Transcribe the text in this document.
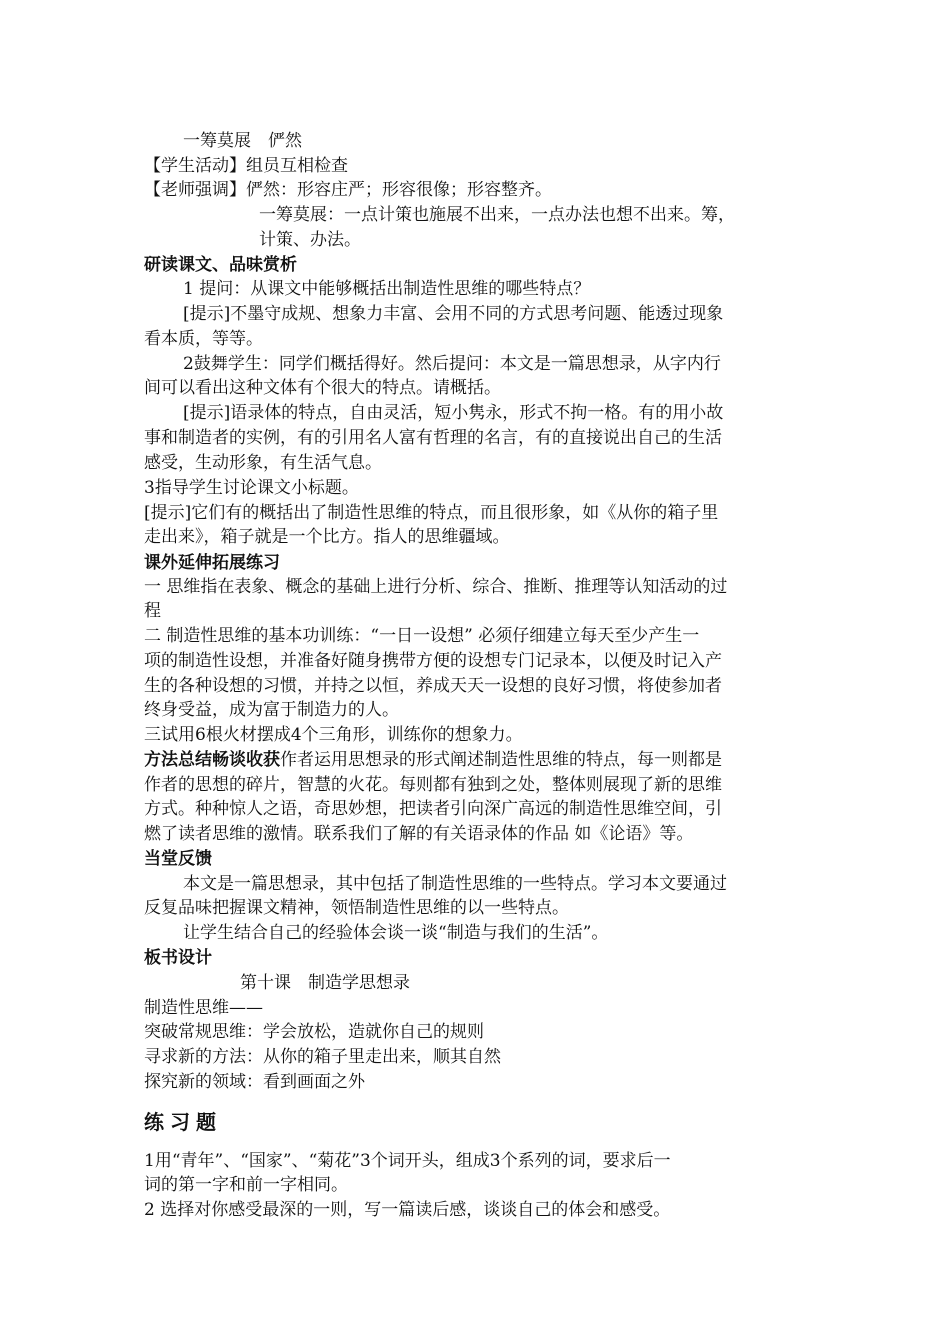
一筹莫展　俨然
【学生活动】组员互相检查
【老师强调】俨然：形容庄严；形容很像；形容整齐。
一筹莫展：一点计策也施展不出来，一点办法也想不出来。筹，
计策、办法。
研读课文、品味赏析
1 提问：从课文中能够概括出制造性思维的哪些特点？
[提示]不墨守成规、想象力丰富、会用不同的方式思考问题、能透过现象
看本质，等等。
2鼓舞学生：同学们概括得好。然后提问：本文是一篇思想录，从字内行
间可以看出这种文体有个很大的特点。请概括。
[提示]语录体的特点，自由灵活，短小隽永，形式不拘一格。有的用小故
事和制造者的实例，有的引用名人富有哲理的名言，有的直接说出自己的生活
感受，生动形象，有生活气息。
3指导学生讨论课文小标题。
[提示]它们有的概括出了制造性思维的特点，而且很形象，如《从你的箱子里
走出来》，箱子就是一个比方。指人的思维疆域。
课外延伸拓展练习
一 思维指在表象、概念的基础上进行分析、综合、推断、推理等认知活动的过
程
二 制造性思维的基本功训练：“一日一设想” 必须仔细建立每天至少产生一
项的制造性设想，并准备好随身携带方便的设想专门记录本，以便及时记入产
生的各种设想的习惯，并持之以恒，养成天天一设想的良好习惯，将使参加者
终身受益，成为富于制造力的人。
三试用6根火材摆成4个三角形，训练你的想象力。
方法总结畅谈收获作者运用思想录的形式阐述制造性思维的特点，每一则都是
作者的思想的碎片，智慧的火花。每则都有独到之处，整体则展现了新的思维
方式。种种惊人之语，奇思妙想，把读者引向深广高远的制造性思维空间，引
燃了读者思维的激情。联系我们了解的有关语录体的作品 如《论语》等。
当堂反馈
本文是一篇思想录，其中包括了制造性思维的一些特点。学习本文要通过
反复品味把握课文精神，领悟制造性思维的以一些特点。
让学生结合自己的经验体会谈一谈“制造与我们的生活”。
板书设计
第十课　制造学思想录
制造性思维——
突破常规思维：学会放松，造就你自己的规则
寻求新的方法：从你的箱子里走出来，顺其自然
探究新的领域：看到画面之外
练习题
1用“青年”、“国家”、“菊花”3个词开头，组成3个系列的词，要求后一
词的第一字和前一字相同。
2 选择对你感受最深的一则，写一篇读后感，谈谈自己的体会和感受。
